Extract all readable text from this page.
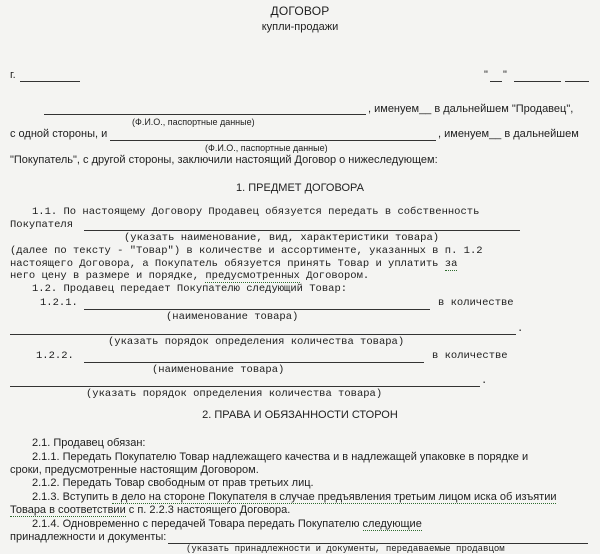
ДОГОВОР
купли-продажи
г.	" "
, именуем__ в дальнейшем "Продавец",
(Ф.И.О., паспортные данные)
с одной стороны, и	, именуем__ в дальнейшем
(Ф.И.О., паспортные данные)
"Покупатель", с другой стороны, заключили настоящий Договор о нижеследующем:
1. ПРЕДМЕТ ДОГОВОРА
1.1. По настоящему Договору Продавец обязуется передать в собственность
Покупателя
(указать наименование, вид, характеристики товара)
(далее по тексту - "Товар") в количестве и ассортименте, указанных в п. 1.2
настоящего Договора, а Покупатель обязуется принять Товар и уплатить за
него цену в размере и порядке, предусмотренных Договором.
1.2. Продавец передает Покупателю следующий Товар:
1.2.1.	в количестве
(наименование товара)
.
(указать порядок определения количества товара)
1.2.2.	в количестве
(наименование товара)
.
(указать порядок определения количества товара)
2. ПРАВА И ОБЯЗАННОСТИ СТОРОН
2.1. Продавец обязан:
2.1.1. Передать Покупателю Товар надлежащего качества и в надлежащей упаковке в порядке и
сроки, предусмотренные настоящим Договором.
2.1.2. Передать Товар свободным от прав третьих лиц.
2.1.3. Вступить в дело на стороне Покупателя в случае предъявления третьим лицом иска об изъятии
Товара в соответствии с п. 2.2.3 настоящего Договора.
2.1.4. Одновременно с передачей Товара передать Покупателю следующие
принадлежности и документы:
(указать принадлежности и документы, передаваемые продавцом
